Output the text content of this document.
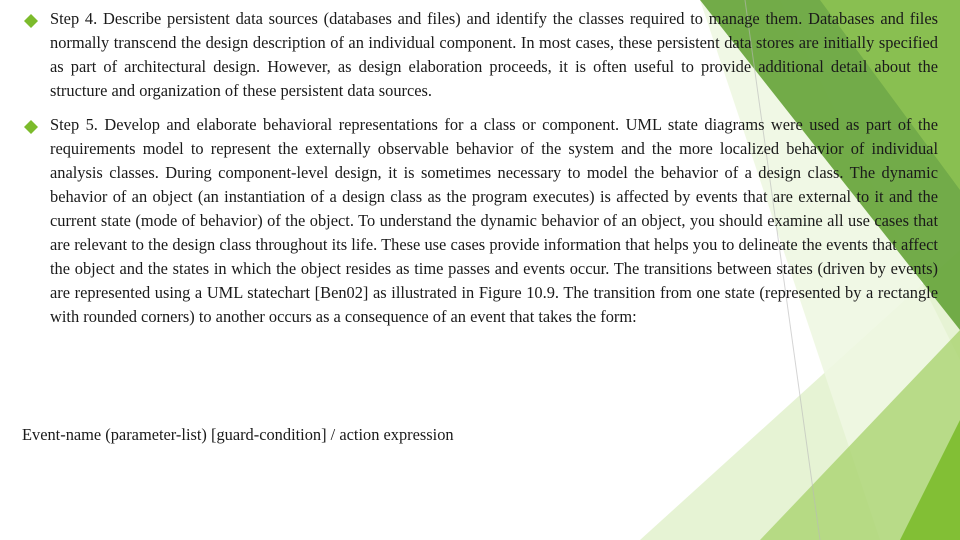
Step 4. Describe persistent data sources (databases and files) and identify the classes required to manage them. Databases and files normally transcend the design description of an individual component. In most cases, these persistent data stores are initially specified as part of architectural design. However, as design elaboration proceeds, it is often useful to provide additional detail about the structure and organization of these persistent data sources.
Step 5. Develop and elaborate behavioral representations for a class or component. UML state diagrams were used as part of the requirements model to represent the externally observable behavior of the system and the more localized behavior of individual analysis classes. During component-level design, it is sometimes necessary to model the behavior of a design class. The dynamic behavior of an object (an instantiation of a design class as the program executes) is affected by events that are external to it and the current state (mode of behavior) of the object. To understand the dynamic behavior of an object, you should examine all use cases that are relevant to the design class throughout its life. These use cases provide information that helps you to delineate the events that affect the object and the states in which the object resides as time passes and events occur. The transitions between states (driven by events) are represented using a UML statechart [Ben02] as illustrated in Figure 10.9. The transition from one state (represented by a rectangle with rounded corners) to another occurs as a consequence of an event that takes the form:
Event-name (parameter-list) [guard-condition] / action expression
